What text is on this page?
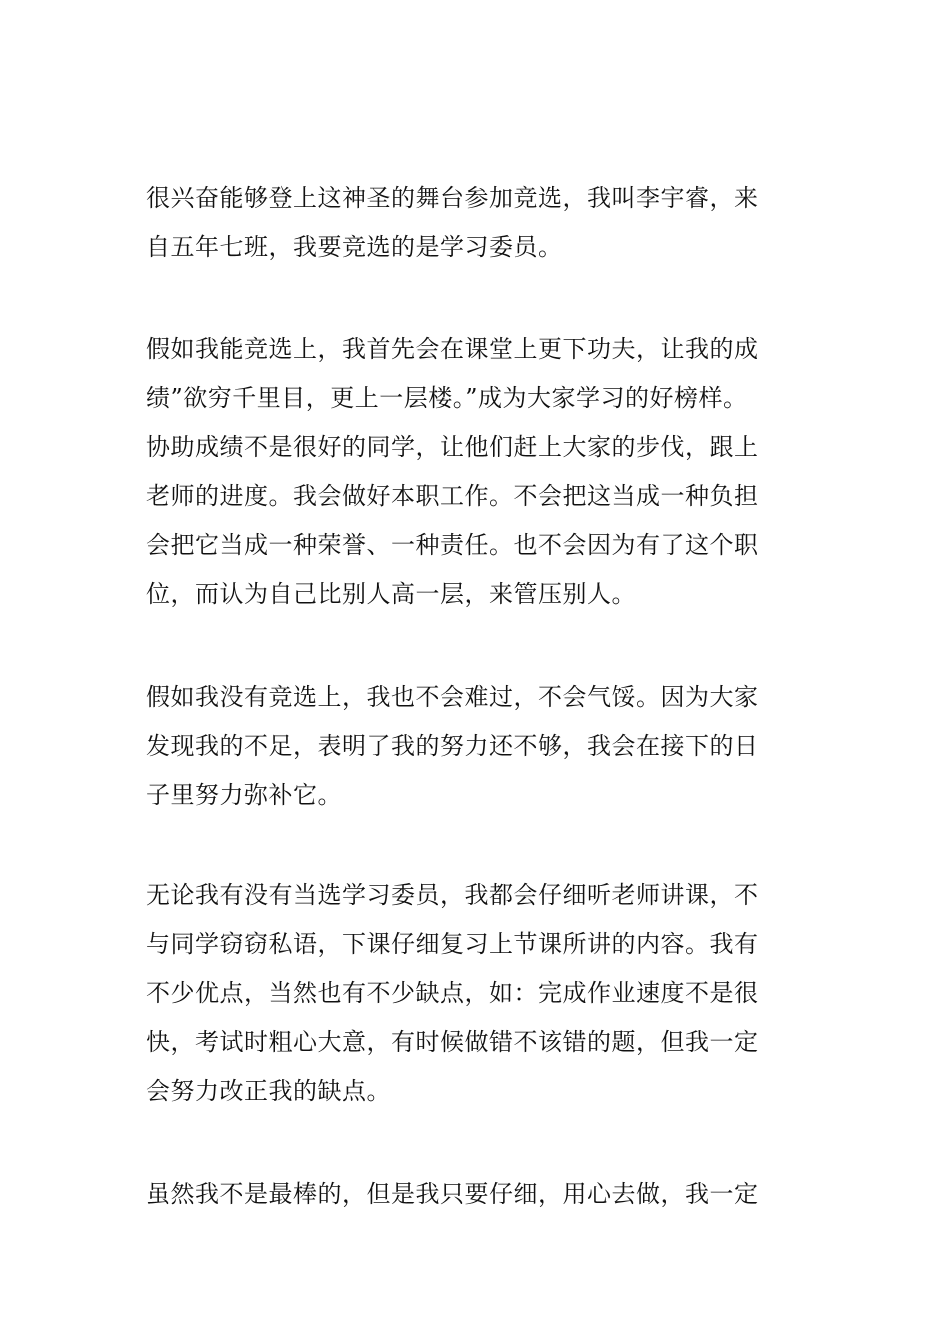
很兴奋能够登上这神圣的舞台参加竞选，我叫李宇睿，来
自五年七班，我要竞选的是学习委员。
假如我能竞选上，我首先会在课堂上更下功夫，让我的成
绩”欲穷千里目，更上一层楼。”成为大家学习的好榜样。
协助成绩不是很好的同学，让他们赶上大家的步伐，跟上
老师的进度。我会做好本职工作。不会把这当成一种负担
会把它当成一种荣誉、一种责任。也不会因为有了这个职
位，而认为自己比别人高一层，来管压别人。
假如我没有竞选上，我也不会难过，不会气馁。因为大家
发现我的不足，表明了我的努力还不够，我会在接下的日
子里努力弥补它。
无论我有没有当选学习委员，我都会仔细听老师讲课，不
与同学窃窃私语，下课仔细复习上节课所讲的内容。我有
不少优点，当然也有不少缺点，如：完成作业速度不是很
快，考试时粗心大意，有时候做错不该错的题，但我一定
会努力改正我的缺点。
虽然我不是最棒的，但是我只要仔细，用心去做，我一定
